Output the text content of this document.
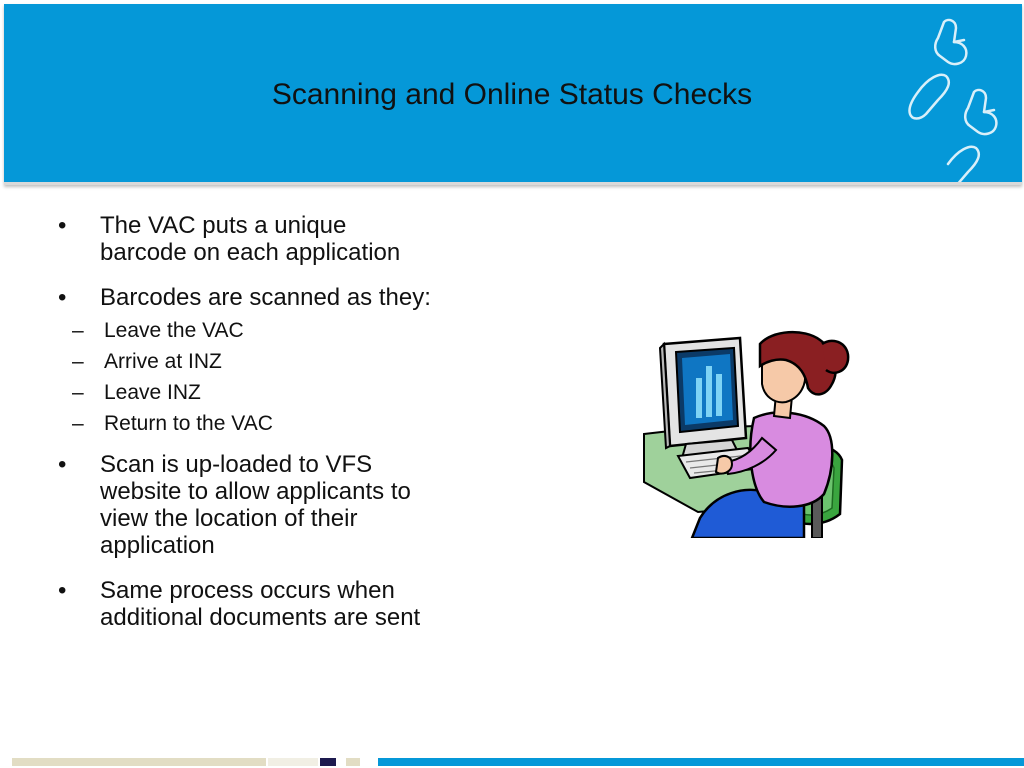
Scanning and Online Status Checks
• The VAC puts a unique
barcode on each application
• Barcodes are scanned as they:
– Leave the VAC
– Arrive at INZ
– Leave INZ
– Return to the VAC
• Scan is up-loaded to VFS
website to allow applicants to
view the location of their
application
• Same process occurs when
additional documents are sent
